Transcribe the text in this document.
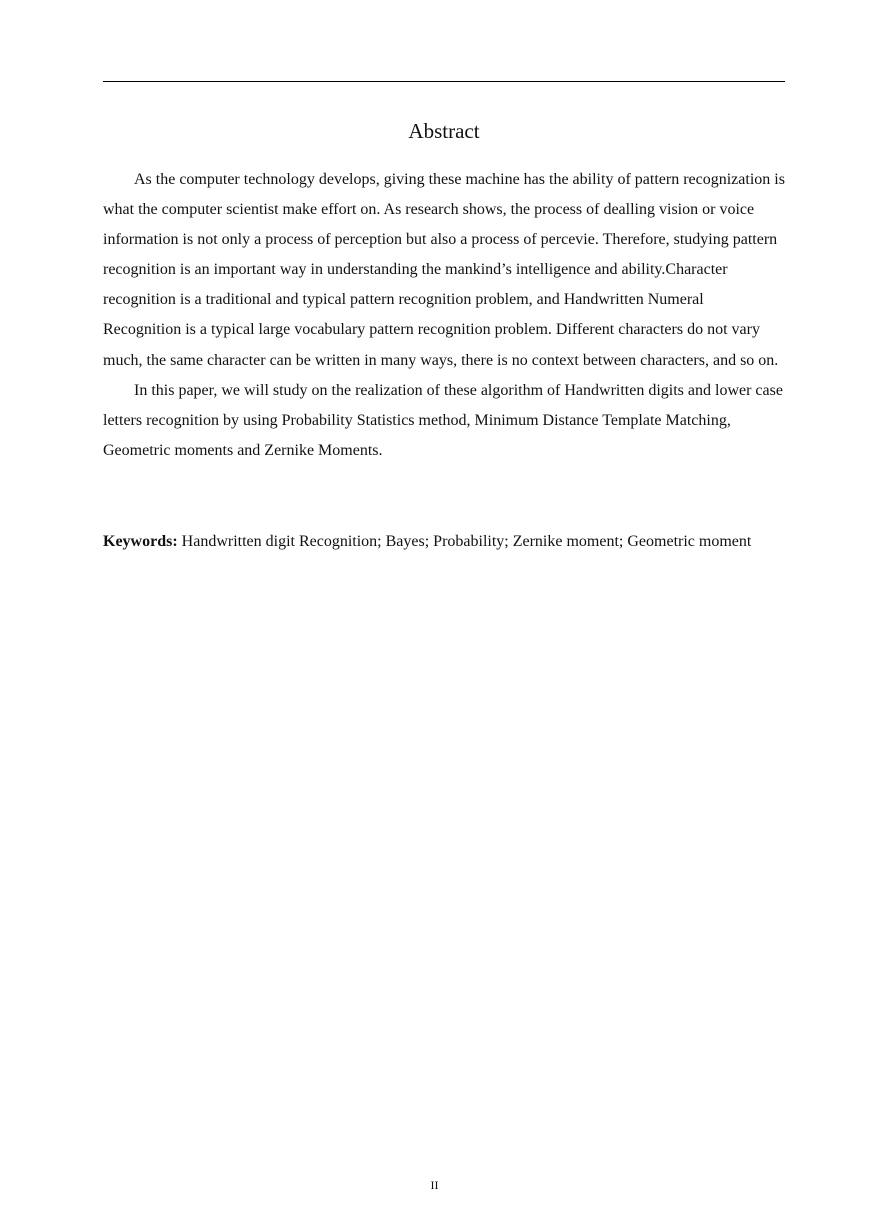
Abstract

As the computer technology develops, giving these machine has the ability of pattern recognization is what the computer scientist make effort on. As research shows, the process of dealling vision or voice information is not only a process of perception but also a process of percevie. Therefore, studying pattern recognition is an important way in understanding the mankind’s intelligence and ability.Character recognition is a traditional and typical pattern recognition problem, and Handwritten Numeral Recognition is a typical large vocabulary pattern recognition problem. Different characters do not vary much, the same character can be written in many ways, there is no context between characters, and so on.

In this paper, we will study on the realization of these algorithm of Handwritten digits and lower case letters recognition by using Probability Statistics method, Minimum Distance Template Matching, Geometric moments and Zernike Moments.

Keywords: Handwritten digit Recognition; Bayes; Probability; Zernike moment; Geometric moment

II
